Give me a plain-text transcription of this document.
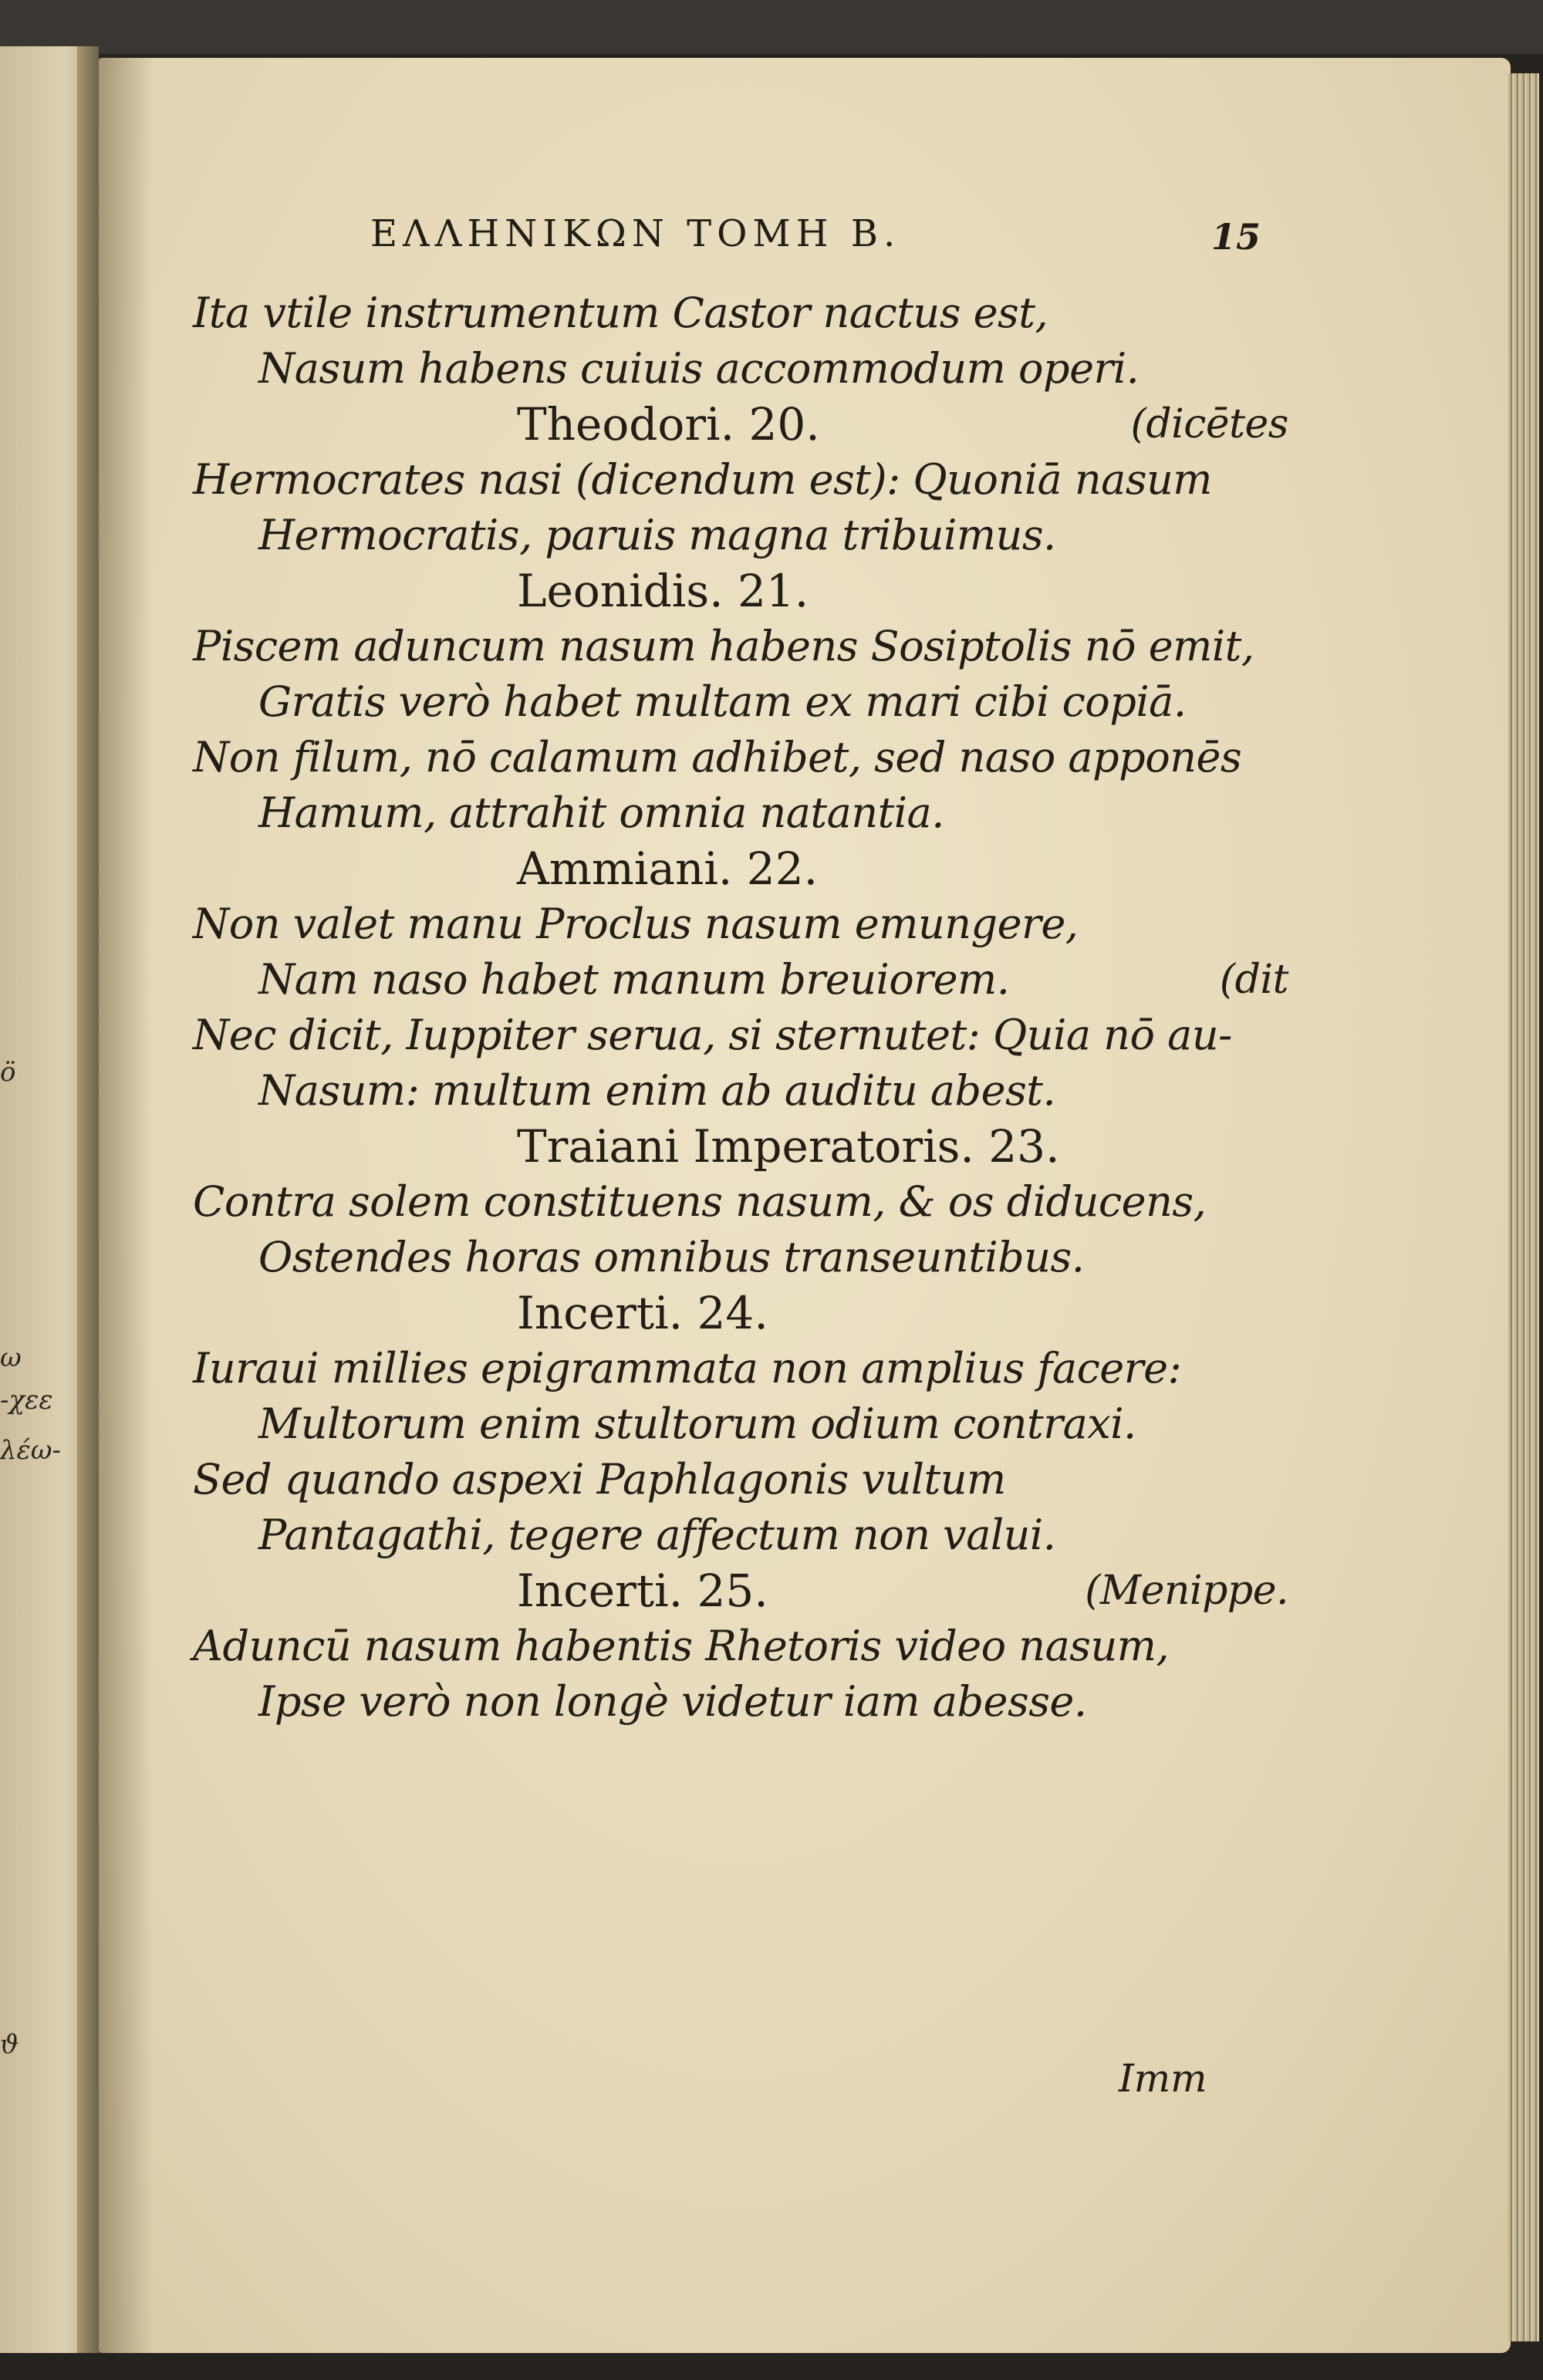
ö
ω
-χεε
λέω-
ϑ
ΕΛΛΗΝΙΚΩΝ ΤΟΜΗ Β.	15
Ita vtile instrumentum Castor nactus est,
Nasum habens cuiuis accommodum operi.
Theodori. 20.	(dicētes
Hermocrates nasi (dicendum est): Quoniā nasum
Hermocratis, paruis magna tribuimus.
Leonidis. 21.
Piscem aduncum nasum habens Sosiptolis nō emit,
Gratis verò habet multam ex mari cibi copiā.
Non filum, nō calamum adhibet, sed naso apponēs
Hamum, attrahit omnia natantia.
Ammiani. 22.
Non valet manu Proclus nasum emungere,
Nam naso habet manum breuiorem.	(dit
Nec dicit, Iuppiter serua, si sternutet: Quia nō au-
Nasum: multum enim ab auditu abest.
Traiani Imperatoris. 23.
Contra solem constituens nasum, & os diducens,
Ostendes horas omnibus transeuntibus.
Incerti. 24.
Iuraui millies epigrammata non amplius facere:
Multorum enim stultorum odium contraxi.
Sed quando aspexi Paphlagonis vultum
Pantagathi, tegere affectum non valui.
Incerti. 25.	(Menippe.
Aduncū nasum habentis Rhetoris video nasum,
Ipse verò non longè videtur iam abesse.
Imm
